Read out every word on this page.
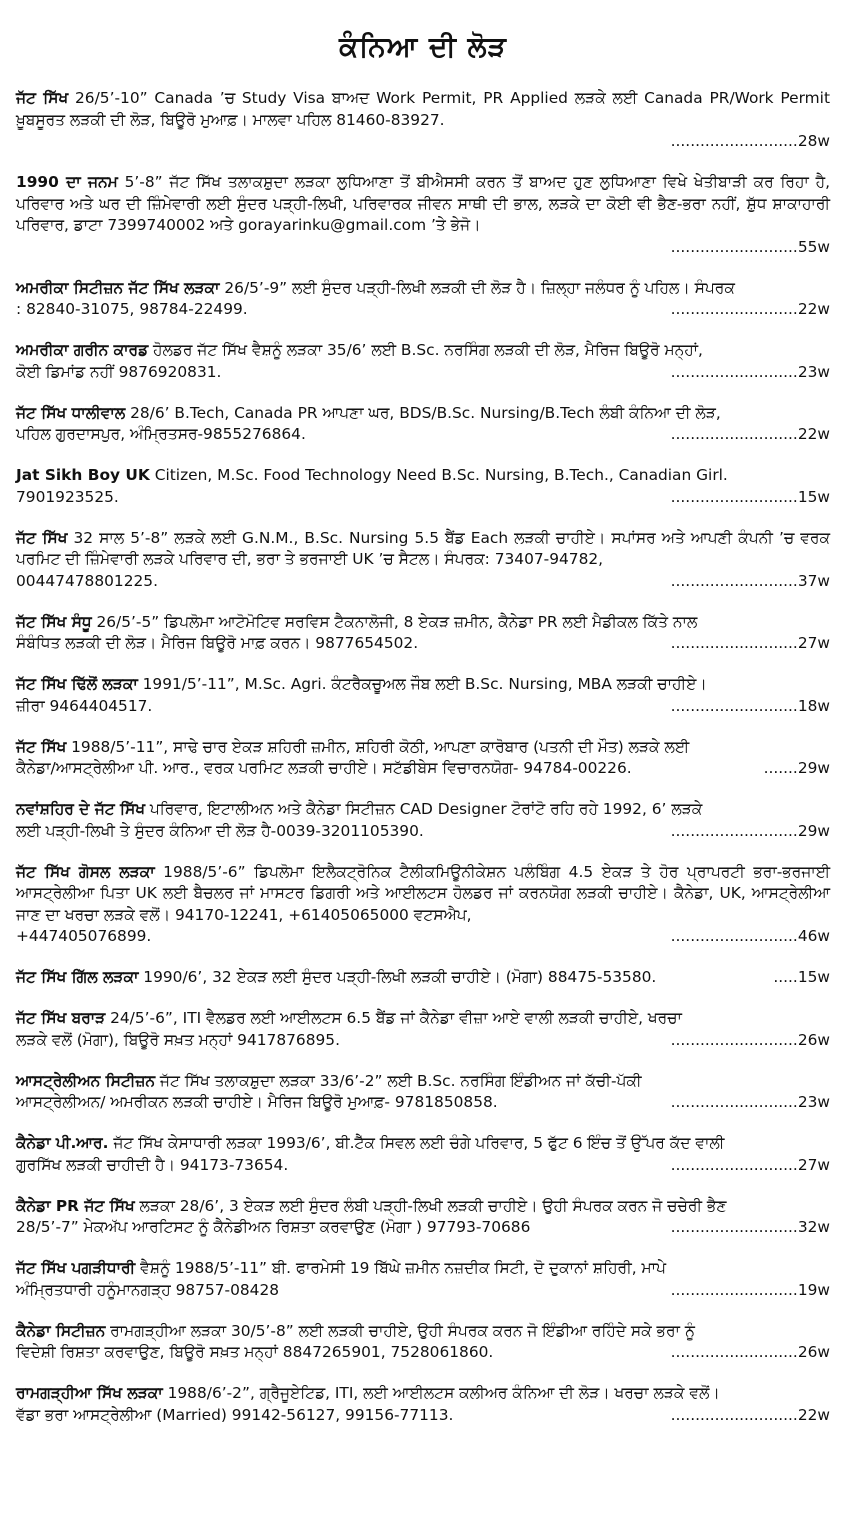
ਕੰਨਿਆ ਦੀ ਲੋੜ
ਜੱਟ ਸਿੱਖ 26/5’-10” Canada ’ਚ Study Visa ਬਾਅਦ Work Permit, PR Applied ਲੜਕੇ ਲਈ Canada PR/Work Permit ਖ਼ੂਬਸੂਰਤ ਲੜਕੀ ਦੀ ਲੋੜ, ਬਿਊਰੋ ਮੁਆਫ਼। ਮਾਲਵਾ ਪਹਿਲ 81460-83927.
..........................28w
1990 ਦਾ ਜਨਮ 5’-8” ਜੱਟ ਸਿੱਖ ਤਲਾਕਸ਼ੁਦਾ ਲੜਕਾ ਲੁਧਿਆਣਾ ਤੋਂ ਬੀਐਸਸੀ ਕਰਨ ਤੋਂ ਬਾਅਦ ਹੁਣ ਲੁਧਿਆਣਾ ਵਿਖੇ ਖੇਤੀਬਾੜੀ ਕਰ ਰਿਹਾ ਹੈ, ਪਰਿਵਾਰ ਅਤੇ ਘਰ ਦੀ ਜ਼ਿੰਮੇਵਾਰੀ ਲਈ ਸੁੰਦਰ ਪੜ੍ਹੀ-ਲਿਖੀ, ਪਰਿਵਾਰਕ ਜੀਵਨ ਸਾਥੀ ਦੀ ਭਾਲ, ਲੜਕੇ ਦਾ ਕੋਈ ਵੀ ਭੈਣ-ਭਰਾ ਨਹੀਂ, ਸ਼ੁੱਧ ਸ਼ਾਕਾਹਾਰੀ ਪਰਿਵਾਰ, ਡਾਟਾ 7399740002 ਅਤੇ gorayarinku@gmail.com ’ਤੇ ਭੇਜੋ।
..........................55w
ਅਮਰੀਕਾ ਸਿਟੀਜ਼ਨ ਜੱਟ ਸਿੱਖ ਲੜਕਾ 26/5’-9” ਲਈ ਸੁੰਦਰ ਪੜ੍ਹੀ-ਲਿਖੀ ਲੜਕੀ ਦੀ ਲੋੜ ਹੈ। ਜ਼ਿਲ੍ਹਾ ਜਲੰਧਰ ਨੂੰ ਪਹਿਲ। ਸੰਪਰਕ
: 82840-31075, 98784-22499.	..........................22w
ਅਮਰੀਕਾ ਗਰੀਨ ਕਾਰਡ ਹੋਲਡਰ ਜੱਟ ਸਿੱਖ ਵੈਸ਼ਨੂੰ ਲੜਕਾ 35/6’ ਲਈ B.Sc. ਨਰਸਿੰਗ ਲੜਕੀ ਦੀ ਲੋੜ, ਮੈਰਿਜ ਬਿਊਰੋ ਮਨ੍ਹਾਂ,
ਕੋਈ ਡਿਮਾਂਡ ਨਹੀਂ 9876920831.	..........................23w
ਜੱਟ ਸਿੱਖ ਧਾਲੀਵਾਲ 28/6’ B.Tech, Canada PR ਆਪਣਾ ਘਰ, BDS/B.Sc. Nursing/B.Tech ਲੰਬੀ ਕੰਨਿਆ ਦੀ ਲੋੜ,
ਪਹਿਲ ਗੁਰਦਾਸਪੁਰ, ਅੰਮ੍ਰਿਤਸਰ-9855276864.	..........................22w
Jat Sikh Boy UK Citizen, M.Sc. Food Technology Need B.Sc. Nursing, B.Tech., Canadian Girl.
7901923525.	..........................15w
ਜੱਟ ਸਿੱਖ 32 ਸਾਲ 5’-8” ਲੜਕੇ ਲਈ G.N.M., B.Sc. Nursing 5.5 ਬੈਂਡ Each ਲੜਕੀ ਚਾਹੀਏ। ਸਪਾਂਸਰ ਅਤੇ ਆਪਣੀ ਕੰਪਨੀ ’ਚ ਵਰਕ ਪਰਮਿਟ ਦੀ ਜ਼ਿੰਮੇਵਾਰੀ ਲੜਕੇ ਪਰਿਵਾਰ ਦੀ, ਭਰਾ ਤੇ ਭਰਜਾਈ UK ’ਚ ਸੈਟਲ। ਸੰਪਰਕ: 73407-94782,
00447478801225.	..........................37w
ਜੱਟ ਸਿੱਖ ਸੰਧੂ 26/5’-5” ਡਿਪਲੋਮਾ ਆਟੋਮੋਟਿਵ ਸਰਵਿਸ ਟੈਕਨਾਲੋਜੀ, 8 ਏਕੜ ਜ਼ਮੀਨ, ਕੈਨੇਡਾ PR ਲਈ ਮੈਡੀਕਲ ਕਿੱਤੇ ਨਾਲ
ਸੰਬੰਧਿਤ ਲੜਕੀ ਦੀ ਲੋੜ। ਮੈਰਿਜ ਬਿਊਰੋ ਮਾਫ਼ ਕਰਨ। 9877654502.	..........................27w
ਜੱਟ ਸਿੱਖ ਢਿੱਲੋਂ ਲੜਕਾ 1991/5’-11”, M.Sc. Agri. ਕੰਟਰੈਕਚੂਅਲ ਜੌਬ ਲਈ B.Sc. Nursing, MBA ਲੜਕੀ ਚਾਹੀਏ।
ਜ਼ੀਰਾ 9464404517.	..........................18w
ਜੱਟ ਸਿੱਖ 1988/5’-11”, ਸਾਢੇ ਚਾਰ ਏਕੜ ਸ਼ਹਿਰੀ ਜ਼ਮੀਨ, ਸ਼ਹਿਰੀ ਕੋਠੀ, ਆਪਣਾ ਕਾਰੋਬਾਰ (ਪਤਨੀ ਦੀ ਮੌਤ) ਲੜਕੇ ਲਈ
ਕੈਨੇਡਾ/ਆਸਟ੍ਰੇਲੀਆ ਪੀ. ਆਰ., ਵਰਕ ਪਰਮਿਟ ਲੜਕੀ ਚਾਹੀਏ। ਸਟੱਡੀਬੇਸ ਵਿਚਾਰਨਯੋਗ- 94784-00226.	.......29w
ਨਵਾਂਸ਼ਹਿਰ ਦੇ ਜੱਟ ਸਿੱਖ ਪਰਿਵਾਰ, ਇਟਾਲੀਅਨ ਅਤੇ ਕੈਨੇਡਾ ਸਿਟੀਜ਼ਨ CAD Designer ਟੋਰਾਂਟੋ ਰਹਿ ਰਹੇ 1992, 6’ ਲੜਕੇ
ਲਈ ਪੜ੍ਹੀ-ਲਿਖੀ ਤੇ ਸੁੰਦਰ ਕੰਨਿਆ ਦੀ ਲੋੜ ਹੈ-0039-3201105390.	..........................29w
ਜੱਟ ਸਿੱਖ ਗੋਸਲ ਲੜਕਾ 1988/5’-6” ਡਿਪਲੋਮਾ ਇਲੈਕਟ੍ਰੋਨਿਕ ਟੈਲੀਕਮਿਊਨੀਕੇਸ਼ਨ ਪਲੰਬਿੰਗ 4.5 ਏਕੜ ਤੇ ਹੋਰ ਪ੍ਰਾਪਰਟੀ ਭਰਾ-ਭਰਜਾਈ ਆਸਟ੍ਰੇਲੀਆ ਪਿਤਾ UK ਲਈ ਬੈਚਲਰ ਜਾਂ ਮਾਸਟਰ ਡਿਗਰੀ ਅਤੇ ਆਈਲਟਸ ਹੋਲਡਰ ਜਾਂ ਕਰਨਯੋਗ ਲੜਕੀ ਚਾਹੀਏ। ਕੈਨੇਡਾ, UK, ਆਸਟ੍ਰੇਲੀਆ ਜਾਣ ਦਾ ਖਰਚਾ ਲੜਕੇ ਵਲੋਂ। 94170-12241, +61405065000 ਵਟਸਐਪ,
+447405076899.	..........................46w
ਜੱਟ ਸਿੱਖ ਗਿੱਲ ਲੜਕਾ 1990/6’, 32 ਏਕੜ ਲਈ ਸੁੰਦਰ ਪੜ੍ਹੀ-ਲਿਖੀ ਲੜਕੀ ਚਾਹੀਏ। (ਮੋਗਾ) 88475-53580.	.....15w
ਜੱਟ ਸਿੱਖ ਬਰਾੜ 24/5’-6”, ITI ਵੈਲਡਰ ਲਈ ਆਈਲਟਸ 6.5 ਬੈਂਡ ਜਾਂ ਕੈਨੇਡਾ ਵੀਜ਼ਾ ਆਏ ਵਾਲੀ ਲੜਕੀ ਚਾਹੀਏ, ਖਰਚਾ
ਲੜਕੇ ਵਲੋਂ (ਮੋਗਾ), ਬਿਊਰੋ ਸਖ਼ਤ ਮਨ੍ਹਾਂ 9417876895.	..........................26w
ਆਸਟ੍ਰੇਲੀਅਨ ਸਿਟੀਜ਼ਨ ਜੱਟ ਸਿੱਖ ਤਲਾਕਸ਼ੁਦਾ ਲੜਕਾ 33/6’-2” ਲਈ B.Sc. ਨਰਸਿੰਗ ਇੰਡੀਅਨ ਜਾਂ ਕੱਚੀ-ਪੱਕੀ
ਆਸਟ੍ਰੇਲੀਅਨ/ ਅਮਰੀਕਨ ਲੜਕੀ ਚਾਹੀਏ। ਮੈਰਿਜ ਬਿਊਰੋ ਮੁਆਫ਼- 9781850858.	..........................23w
ਕੈਨੇਡਾ ਪੀ.ਆਰ. ਜੱਟ ਸਿੱਖ ਕੇਸਾਧਾਰੀ ਲੜਕਾ 1993/6’, ਬੀ.ਟੈੱਕ ਸਿਵਲ ਲਈ ਚੰਗੇ ਪਰਿਵਾਰ, 5 ਫੁੱਟ 6 ਇੰਚ ਤੋਂ ਉੱਪਰ ਕੱਦ ਵਾਲੀ
ਗੁਰਸਿੱਖ ਲੜਕੀ ਚਾਹੀਦੀ ਹੈ। 94173-73654.	..........................27w
ਕੈਨੇਡਾ PR ਜੱਟ ਸਿੱਖ ਲੜਕਾ 28/6’, 3 ਏਕੜ ਲਈ ਸੁੰਦਰ ਲੰਬੀ ਪੜ੍ਹੀ-ਲਿਖੀ ਲੜਕੀ ਚਾਹੀਏ। ਉਹੀ ਸੰਪਰਕ ਕਰਨ ਜੋ ਚਚੇਰੀ ਭੈਣ
28/5’-7” ਮੇਕਅੱਪ ਆਰਟਿਸਟ ਨੂੰ ਕੈਨੇਡੀਅਨ ਰਿਸ਼ਤਾ ਕਰਵਾਉਣ (ਮੋਗਾ ) 97793-70686	..........................32w
ਜੱਟ ਸਿੱਖ ਪਗੜੀਧਾਰੀ ਵੈਸ਼ਨੂੰ 1988/5’-11” ਬੀ. ਫਾਰਮੇਸੀ 19 ਬਿੱਘੇ ਜ਼ਮੀਨ ਨਜ਼ਦੀਕ ਸਿਟੀ, ਦੋ ਦੁਕਾਨਾਂ ਸ਼ਹਿਰੀ, ਮਾਪੇ
ਅੰਮ੍ਰਿਤਧਾਰੀ ਹਨੂੰਮਾਨਗੜ੍ਹ 98757-08428	..........................19w
ਕੈਨੇਡਾ ਸਿਟੀਜ਼ਨ ਰਾਮਗੜ੍ਹੀਆ ਲੜਕਾ 30/5’-8” ਲਈ ਲੜਕੀ ਚਾਹੀਏ, ਉਹੀ ਸੰਪਰਕ ਕਰਨ ਜੋ ਇੰਡੀਆ ਰਹਿੰਦੇ ਸਕੇ ਭਰਾ ਨੂੰ
ਵਿਦੇਸ਼ੀ ਰਿਸ਼ਤਾ ਕਰਵਾਉਣ, ਬਿਊਰੋ ਸਖ਼ਤ ਮਨ੍ਹਾਂ 8847265901, 7528061860.	..........................26w
ਰਾਮਗੜ੍ਹੀਆ ਸਿੱਖ ਲੜਕਾ 1988/6’-2”, ਗ੍ਰੈਜੂਏਟਿਡ, ITI, ਲਈ ਆਈਲਟਸ ਕਲੀਅਰ ਕੰਨਿਆ ਦੀ ਲੋੜ। ਖਰਚਾ ਲੜਕੇ ਵਲੋਂ।
ਵੱਡਾ ਭਰਾ ਆਸਟ੍ਰੇਲੀਆ (Married) 99142-56127, 99156-77113.	..........................22w
